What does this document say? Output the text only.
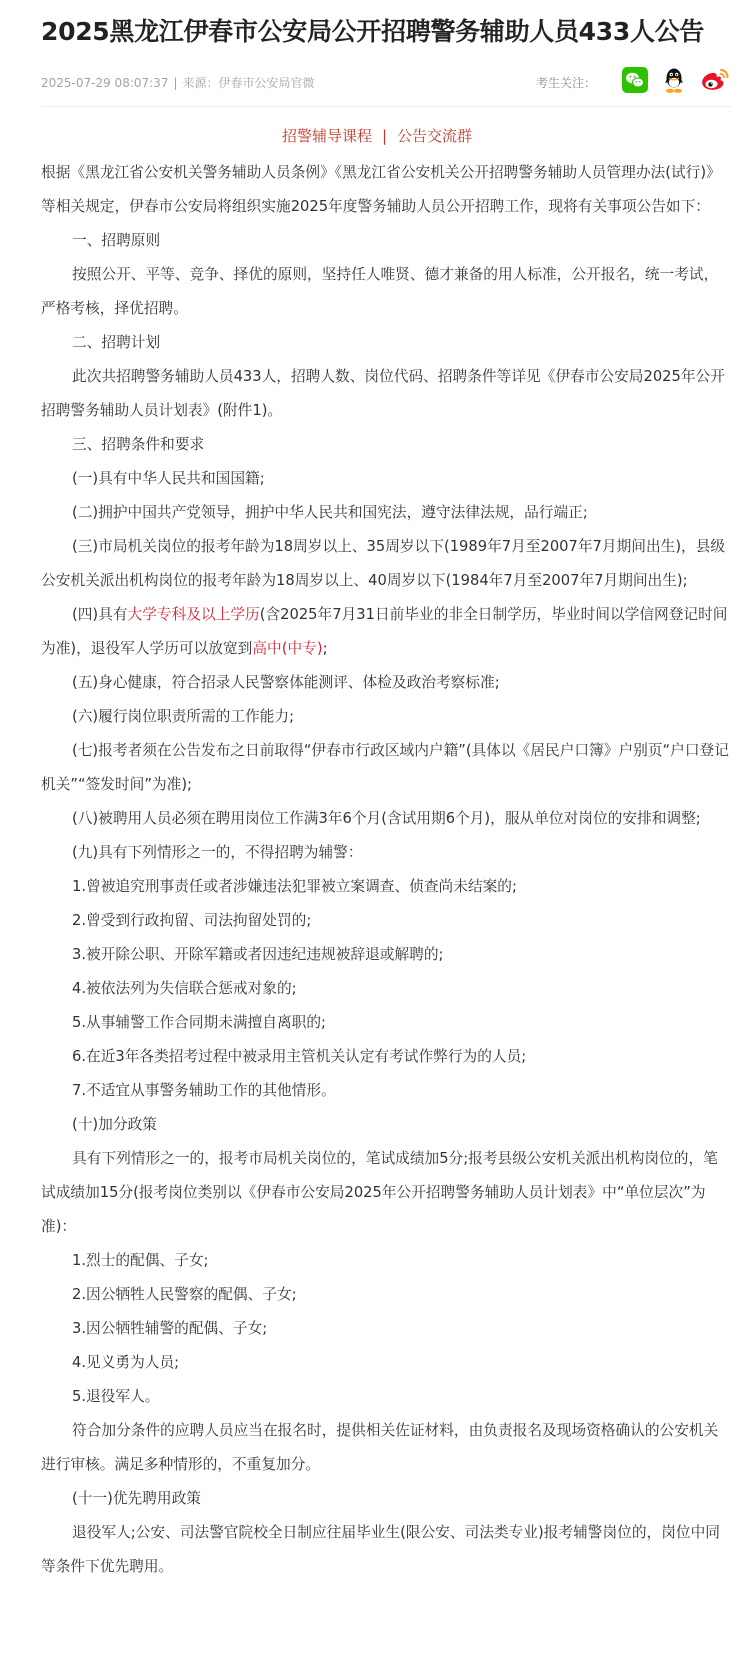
2025黑龙江伊春市公安局公开招聘警务辅助人员433人公告
2025-07-29 08:07:37 | 来源：伊春市公安局官微	考生关注：
招警辅导课程 | 公告交流群

根据《黑龙江省公安机关警务辅助人员条例》《黑龙江省公安机关公开招聘警务辅助人员管理办法(试行)》等相关规定，伊春市公安局将组织实施2025年度警务辅助人员公开招聘工作，现将有关事项公告如下：

一、招聘原则

按照公开、平等、竞争、择优的原则，坚持任人唯贤、德才兼备的用人标准，公开报名，统一考试，严格考核，择优招聘。

二、招聘计划

此次共招聘警务辅助人员433人，招聘人数、岗位代码、招聘条件等详见《伊春市公安局2025年公开招聘警务辅助人员计划表》(附件1)。

三、招聘条件和要求

(一)具有中华人民共和国国籍;

(二)拥护中国共产党领导，拥护中华人民共和国宪法，遵守法律法规，品行端正;

(三)市局机关岗位的报考年龄为18周岁以上、35周岁以下(1989年7月至2007年7月期间出生)，县级公安机关派出机构岗位的报考年龄为18周岁以上、40周岁以下(1984年7月至2007年7月期间出生);

(四)具有大学专科及以上学历(含2025年7月31日前毕业的非全日制学历，毕业时间以学信网登记时间为准)，退役军人学历可以放宽到高中(中专);

(五)身心健康，符合招录人民警察体能测评、体检及政治考察标准;

(六)履行岗位职责所需的工作能力;

(七)报考者须在公告发布之日前取得“伊春市行政区域内户籍”(具体以《居民户口簿》户别页“户口登记机关”“签发时间”为准);

(八)被聘用人员必须在聘用岗位工作满3年6个月(含试用期6个月)，服从单位对岗位的安排和调整;

(九)具有下列情形之一的，不得招聘为辅警：

1.曾被追究刑事责任或者涉嫌违法犯罪被立案调查、侦查尚未结案的;

2.曾受到行政拘留、司法拘留处罚的;

3.被开除公职、开除军籍或者因违纪违规被辞退或解聘的;

4.被依法列为失信联合惩戒对象的;

5.从事辅警工作合同期未满擅自离职的;

6.在近3年各类招考过程中被录用主管机关认定有考试作弊行为的人员;

7.不适宜从事警务辅助工作的其他情形。

(十)加分政策

具有下列情形之一的，报考市局机关岗位的，笔试成绩加5分;报考县级公安机关派出机构岗位的，笔试成绩加15分(报考岗位类别以《伊春市公安局2025年公开招聘警务辅助人员计划表》中“单位层次”为准)：

1.烈士的配偶、子女;

2.因公牺牲人民警察的配偶、子女;

3.因公牺牲辅警的配偶、子女;

4.见义勇为人员;

5.退役军人。

符合加分条件的应聘人员应当在报名时，提供相关佐证材料，由负责报名及现场资格确认的公安机关进行审核。满足多种情形的，不重复加分。

(十一)优先聘用政策

退役军人;公安、司法警官院校全日制应往届毕业生(限公安、司法类专业)报考辅警岗位的，岗位中同等条件下优先聘用。
